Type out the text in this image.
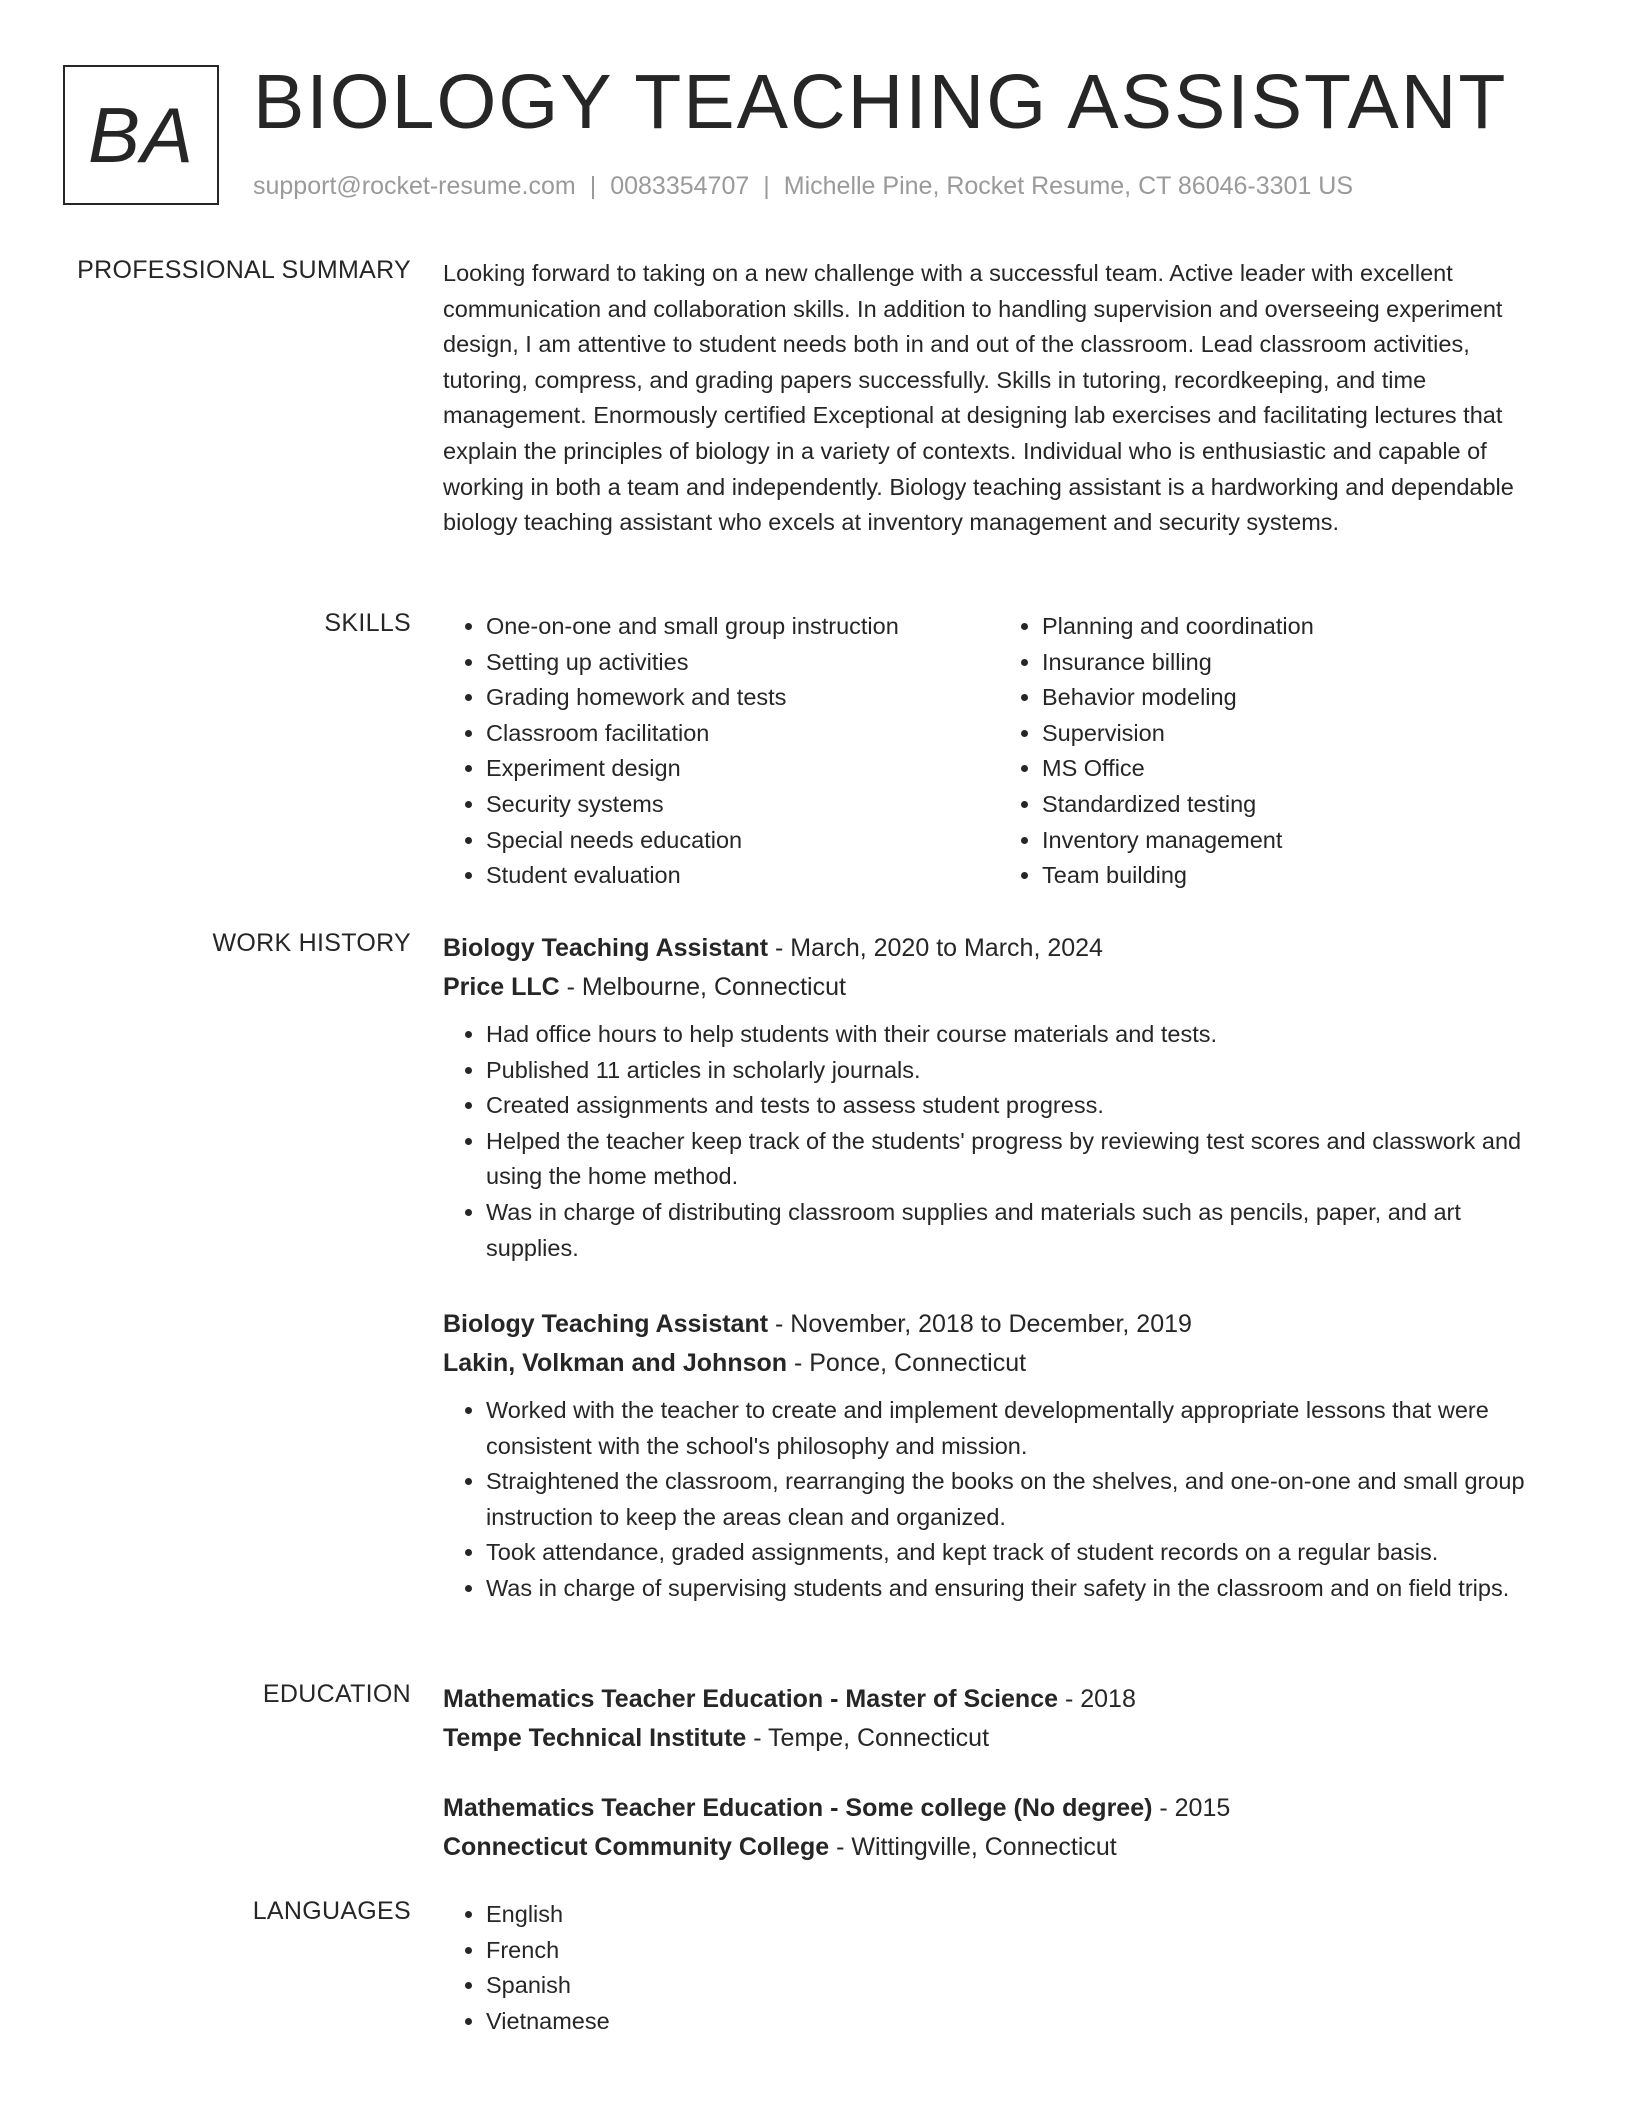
BA BIOLOGY TEACHING ASSISTANT
support@rocket-resume.com | 0083354707 | Michelle Pine, Rocket Resume, CT 86046-3301 US
PROFESSIONAL SUMMARY Looking forward to taking on a new challenge with a successful team. Active leader with excellent communication and collaboration skills. In addition to handling supervision and overseeing experiment design, I am attentive to student needs both in and out of the classroom. Lead classroom activities, tutoring, compress, and grading papers successfully. Skills in tutoring, recordkeeping, and time management. Enormously certified Exceptional at designing lab exercises and facilitating lectures that explain the principles of biology in a variety of contexts. Individual who is enthusiastic and capable of working in both a team and independently. Biology teaching assistant is a hardworking and dependable biology teaching assistant who excels at inventory management and security systems.

SKILLS	• One-on-one and small group instruction
• Setting up activities
• Grading homework and tests
• Classroom facilitation
• Experiment design
• Security systems
• Special needs education
• Student evaluation
• Planning and coordination
• Insurance billing
• Behavior modeling
• Supervision
• MS Office
• Standardized testing
• Inventory management
• Team building
WORK HISTORY Biology Teaching Assistant - March, 2020 to March, 2024
Price LLC - Melbourne, Connecticut
• Had office hours to help students with their course materials and tests.
• Published 11 articles in scholarly journals.
• Created assignments and tests to assess student progress.
• Helped the teacher keep track of the students' progress by reviewing test scores and classwork and using the home method.
• Was in charge of distributing classroom supplies and materials such as pencils, paper, and art supplies.
Biology Teaching Assistant - November, 2018 to December, 2019
Lakin, Volkman and Johnson - Ponce, Connecticut
• Worked with the teacher to create and implement developmentally appropriate lessons that were consistent with the school's philosophy and mission.
• Straightened the classroom, rearranging the books on the shelves, and one-on-one and small group instruction to keep the areas clean and organized.
• Took attendance, graded assignments, and kept track of student records on a regular basis.
• Was in charge of supervising students and ensuring their safety in the classroom and on field trips.
EDUCATION Mathematics Teacher Education - Master of Science - 2018
Tempe Technical Institute - Tempe, Connecticut
Mathematics Teacher Education - Some college (No degree) - 2015
Connecticut Community College - Wittingville, Connecticut
LANGUAGES	• English
• French
• Spanish
• Vietnamese
